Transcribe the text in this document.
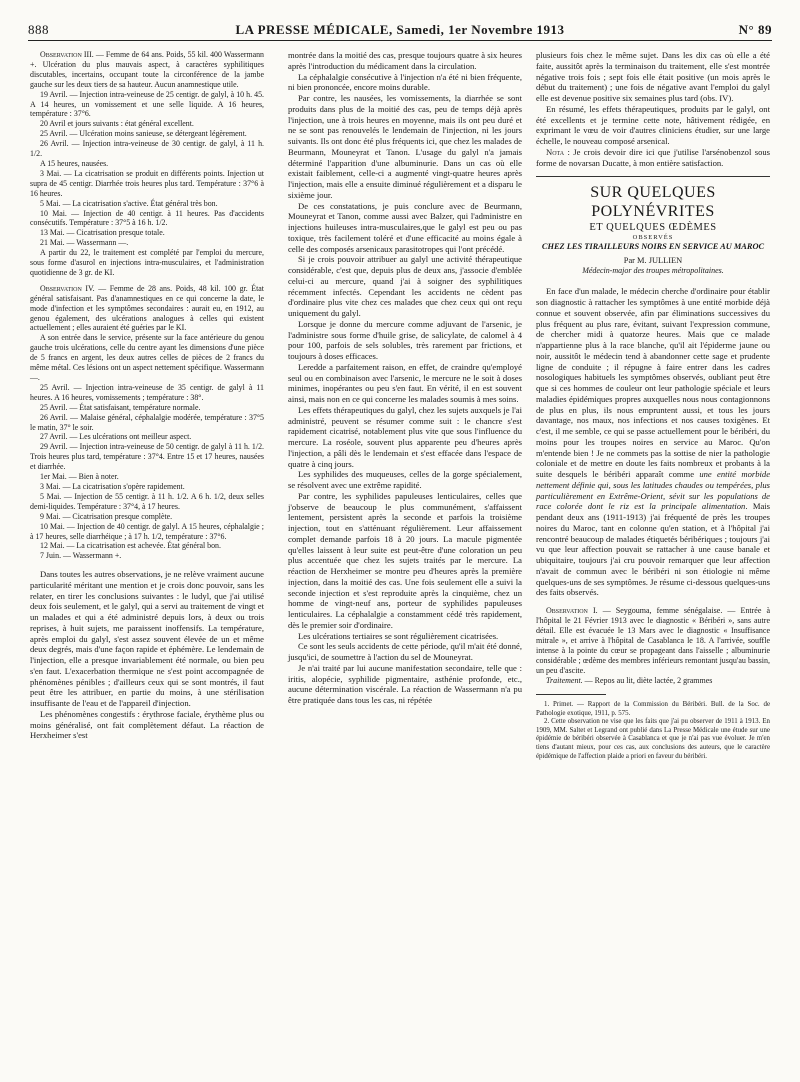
888	LA PRESSE MÉDICALE, Samedi, 1er Novembre 1913	N° 89

Observation III. — Femme de 64 ans. Poids, 55 kil. 400 Wassermann +. Ulcération du plus mauvais aspect, à caractères syphilitiques discutables, incertains, occupant toute la circonférence de la jambe gauche sur les deux tiers de sa hauteur. Aucun anamnestique utile.

19 Avril. — Injection intra-veineuse de 25 centigr. de galyl, à 10 h. 45. A 14 heures, un vomissement et une selle liquide. A 16 heures, température : 37°6.

20 Avril et jours suivants : état général excellent.

25 Avril. — Ulcération moins sanieuse, se détergeant légèrement.

26 Avril. — Injection intra-veineuse de 30 centigr. de galyl, à 11 h. 1/2.

A 15 heures, nausées.

3 Mai. — La cicatrisation se produit en différents points. Injection ut supra de 45 centigr. Diarrhée trois heures plus tard. Température : 37°6 à 16 heures.

5 Mai. — La cicatrisation s'active. État général très bon.

10 Mai. — Injection de 40 centigr. à 11 heures. Pas d'accidents consécutifs. Température : 37°5 à 16 h. 1/2.

13 Mai. — Cicatrisation presque totale.

21 Mai. — Wassermann —.

A partir du 22, le traitement est complété par l'emploi du mercure, sous forme d'asurol en injections intra-musculaires, et l'administration quotidienne de 3 gr. de KI.

Observation IV. — Femme de 28 ans. Poids, 48 kil. 100 gr. État général satisfaisant. Pas d'anamnestiques en ce qui concerne la date, le mode d'infection et les symptômes secondaires : aurait eu, en 1912, au genou également, des ulcérations analogues à celles qui existent actuellement ; elles auraient été guéries par le KI.

A son entrée dans le service, présente sur la face antérieure du genou gauche trois ulcérations, celle du centre ayant les dimensions d'une pièce de 5 francs en argent, les deux autres celles de pièces de 2 francs du même métal. Ces lésions ont un aspect nettement spécifique. Wassermann —.

25 Avril. — Injection intra-veineuse de 35 centigr. de galyl à 11 heures. A 16 heures, vomissements ; température : 38°.

25 Avril. — État satisfaisant, température normale.

26 Avril. — Malaise général, céphalalgie modérée, température : 37°5 le matin, 37° le soir.

27 Avril. — Les ulcérations ont meilleur aspect.

29 Avril. — Injection intra-veineuse de 50 centigr. de galyl à 11 h. 1/2. Trois heures plus tard, température : 37°4. Entre 15 et 17 heures, nausées et diarrhée.

1er Mai. — Bien à noter.

3 Mai. — La cicatrisation s'opère rapidement.

5 Mai. — Injection de 55 centigr. à 11 h. 1/2. A 6 h. 1/2, deux selles demi-liquides. Température : 37°4, à 17 heures.

9 Mai. — Cicatrisation presque complète.

10 Mai. — Injection de 40 centigr. de galyl. A 15 heures, céphalalgie ; à 17 heures, selle diarrhéique ; à 17 h. 1/2, température : 37°6.

12 Mai. — La cicatrisation est achevée. État général bon.

7 Juin. — Wassermann +.

Dans toutes les autres observations, je ne relève vraiment aucune particularité méritant une mention et je crois donc pouvoir, sans les relater, en tirer les conclusions suivantes : le ludyl, que j'ai utilisé deux fois seulement, et le galyl, qui a servi au traitement de vingt et un malades et qui a été administré depuis lors, à deux ou trois reprises, à huit sujets, me paraissent inoffensifs. La température, après emploi du galyl, s'est assez souvent élevée de un et même deux degrés, mais d'une façon rapide et éphémère. Le lendemain de l'injection, elle a presque invariablement été normale, ou bien peu s'en faut. L'exacerbation thermique ne s'est point accompagnée de phénomènes pénibles ; d'ailleurs ceux qui se sont montrés, il faut peut être les attribuer, en partie du moins, à une stérilisation insuffisante de l'eau et de l'appareil d'injection.

Les phénomènes congestifs : érythrose faciale, érythème plus ou moins généralisé, ont fait complètement défaut. La réaction de Herxheimer s'est

montrée dans la moitié des cas, presque toujours quatre à six heures après l'introduction du médicament dans la circulation.

La céphalalgie consécutive à l'injection n'a été ni bien fréquente, ni bien prononcée, encore moins durable.

Par contre, les nausées, les vomissements, la diarrhée se sont produits dans plus de la moitié des cas, peu de temps déjà après l'injection, une à trois heures en moyenne, mais ils ont peu duré et ne se sont pas renouvelés le lendemain de l'injection, ni les jours suivants. Ils ont donc été plus fréquents ici, que chez les malades de Beurmann, Mouneyrat et Tanon. L'usage du galyl n'a jamais déterminé l'apparition d'une albuminurie. Dans un cas où elle existait faiblement, celle-ci a augmenté vingt-quatre heures après l'injection, mais elle a ensuite diminué régulièrement et a disparu le sixième jour.

De ces constatations, je puis conclure avec de Beurmann, Mouneyrat et Tanon, comme aussi avec Balzer, qui l'administre en injections huileuses intra-musculaires,que le galyl est peu ou pas toxique, très facilement toléré et d'une efficacité au moins égale à celle des composés arsenicaux parasitotropes qui l'ont précédé.

Si je crois pouvoir attribuer au galyl une activité thérapeutique considérable, c'est que, depuis plus de deux ans, j'associe d'emblée celui-ci au mercure, quand j'ai à soigner des syphilitiques récemment infectés. Cependant les accidents ne cèdent pas d'ordinaire plus vite chez ces malades que chez ceux qui ont reçu uniquement du galyl.

Lorsque je donne du mercure comme adjuvant de l'arsenic, je l'administre sous forme d'huile grise, de salicylate, de calomel à 4 pour 100, parfois de sels solubles, très rarement par frictions, et toujours à doses efficaces.

Leredde a parfaitement raison, en effet, de craindre qu'employé seul ou en combinaison avec l'arsenic, le mercure ne le soit à doses minimes, inopérantes ou peu s'en faut. En vérité, il en est souvent ainsi, mais non en ce qui concerne les malades soumis à mes soins.

Les effets thérapeutiques du galyl, chez les sujets auxquels je l'ai administré, peuvent se résumer comme suit : le chancre s'est rapidement cicatrisé, notablement plus vite que sous l'influence du mercure. La roséole, souvent plus apparente peu d'heures après l'injection, a pâli dès le lendemain et s'est effacée dans l'espace de quatre à cinq jours.

Les syphilides des muqueuses, celles de la gorge spécialement, se résolvent avec une extrême rapidité.

Par contre, les syphilides papuleuses lenticulaires, celles que j'observe de beaucoup le plus communément, s'affaissent lentement, persistent après la seconde et parfois la troisième injection, tout en s'atténuant régulièrement. Leur affaissement complet demande parfois 18 à 20 jours. La macule pigmentée qu'elles laissent à leur suite est peut-être d'une coloration un peu plus accentuée que chez les sujets traités par le mercure. La réaction de Herxheimer se montre peu d'heures après la première injection, dans la moitié des cas. Une fois seulement elle a suivi la seconde injection et s'est reproduite après la cinquième, chez un homme de vingt-neuf ans, porteur de syphilides papuleuses lenticulaires. La céphalalgie a constamment cédé très rapidement, dès le premier soir d'ordinaire.

Les ulcérations tertiaires se sont régulièrement cicatrisées.

Ce sont les seuls accidents de cette période, qu'il m'ait été donné, jusqu'ici, de soumettre à l'action du sel de Mouneyrat.

Je n'ai traité par lui aucune manifestation secondaire, telle que : iritis, alopécie, syphilide pigmentaire, asthénie profonde, etc., aucune détermination viscérale. La réaction de Wassermann n'a pu être pratiquée dans tous les cas, ni répétée

plusieurs fois chez le même sujet. Dans les dix cas où elle a été faite, aussitôt après la terminaison du traitement, elle s'est montrée négative trois fois ; sept fois elle était positive (un mois après le début du traitement) ; une fois de négative avant l'emploi du galyl elle est devenue positive six semaines plus tard (obs. IV).

En résumé, les effets thérapeutiques, produits par le galyl, ont été excellents et je termine cette note, hâtivement rédigée, en exprimant le vœu de voir d'autres cliniciens étudier, sur une large échelle, le nouveau composé arsenical.

Nota : Je crois devoir dire ici que j'utilise l'arsénobenzol sous forme de novarsan Ducatte, à mon entière satisfaction.

SUR QUELQUES POLYNÉVRITES
ET QUELQUES ŒDÈMES
OBSERVÉS
CHEZ LES TIRAILLEURS NOIRS EN SERVICE AU MAROC
Par M. JULLIEN
Médecin-major des troupes métropolitaines.

En face d'un malade, le médecin cherche d'ordinaire pour établir son diagnostic à rattacher les symptômes à une entité morbide déjà connue et souvent observée, afin par éliminations successives du plus fréquent au plus rare, évitant, suivant l'expression commune, de chercher midi à quatorze heures. Mais que ce malade n'appartienne plus à la race blanche, qu'il ait l'épiderme jaune ou noir, aussitôt le médecin tend à abandonner cette sage et prudente ligne de conduite ; il répugne à faire entrer dans les cadres nosologiques habituels les symptômes observés, oubliant peut être que si ces hommes de couleur ont leur pathologie spéciale et leurs maladies épidémiques propres auxquelles nous nous contagionnons de plus en plus, ils nous empruntent aussi, et tous les jours davantage, nos maux, nos infections et nos causes toxigènes. Et c'est, il me semble, ce qui se passe actuellement pour le béribéri, du moins pour les troupes noires en service au Maroc. Qu'on m'entende bien ! Je ne commets pas la sottise de nier la pathologie coloniale et de mettre en doute les faits nombreux et probants à la suite desquels le béribéri apparaît comme une entité morbide nettement définie qui, sous les latitudes chaudes ou tempérées, plus particulièrement en Extrême-Orient, sévit sur les populations de race colorée dont le riz est la principale alimentation. Mais pendant deux ans (1911-1913) j'ai fréquenté de près les troupes noires du Maroc, tant en colonne qu'en station, et à l'hôpital j'ai rencontré beaucoup de malades étiquetés béribériques ; toujours j'ai vu que leur affection pouvait se rattacher à une cause banale et ubiquitaire, toujours j'ai cru pouvoir remarquer que leur affection n'avait de commun avec le béribéri ni son étiologie ni même quelques-uns de ses symptômes. Je résume ci-dessous quelques-uns des faits observés.

Observation I. — Seygouma, femme sénégalaise. — Entrée à l'hôpital le 21 Février 1913 avec le diagnostic « Béribéri », sans autre détail. Elle est évacuée le 13 Mars avec le diagnostic « Insuffisance mitrale », et arrive à l'hôpital de Casablanca le 18. A l'arrivée, souffle intense à la pointe du cœur se propageant dans l'aisselle ; albuminurie considérable ; œdème des membres inférieurs remontant jusqu'au bassin, un peu d'ascite.

Traitement. — Repos au lit, diète lactée, 2 grammes

1. Primet. — Rapport de la Commission du Béribéri. Bull. de la Soc. de Pathologie exotique, 1911, p. 575.

2. Cette observation ne vise que les faits que j'ai pu observer de 1911 à 1913. En 1909, MM. Saltet et Legrand ont publié dans La Presse Médicale une étude sur une épidémie de béribéri observée à Casablanca et que je n'ai pas vue évoluer. Je m'en tiens d'autant mieux, pour ces cas, aux conclusions des auteurs, que le caractère épidémique de l'affection plaide a priori en faveur du béribéri.
